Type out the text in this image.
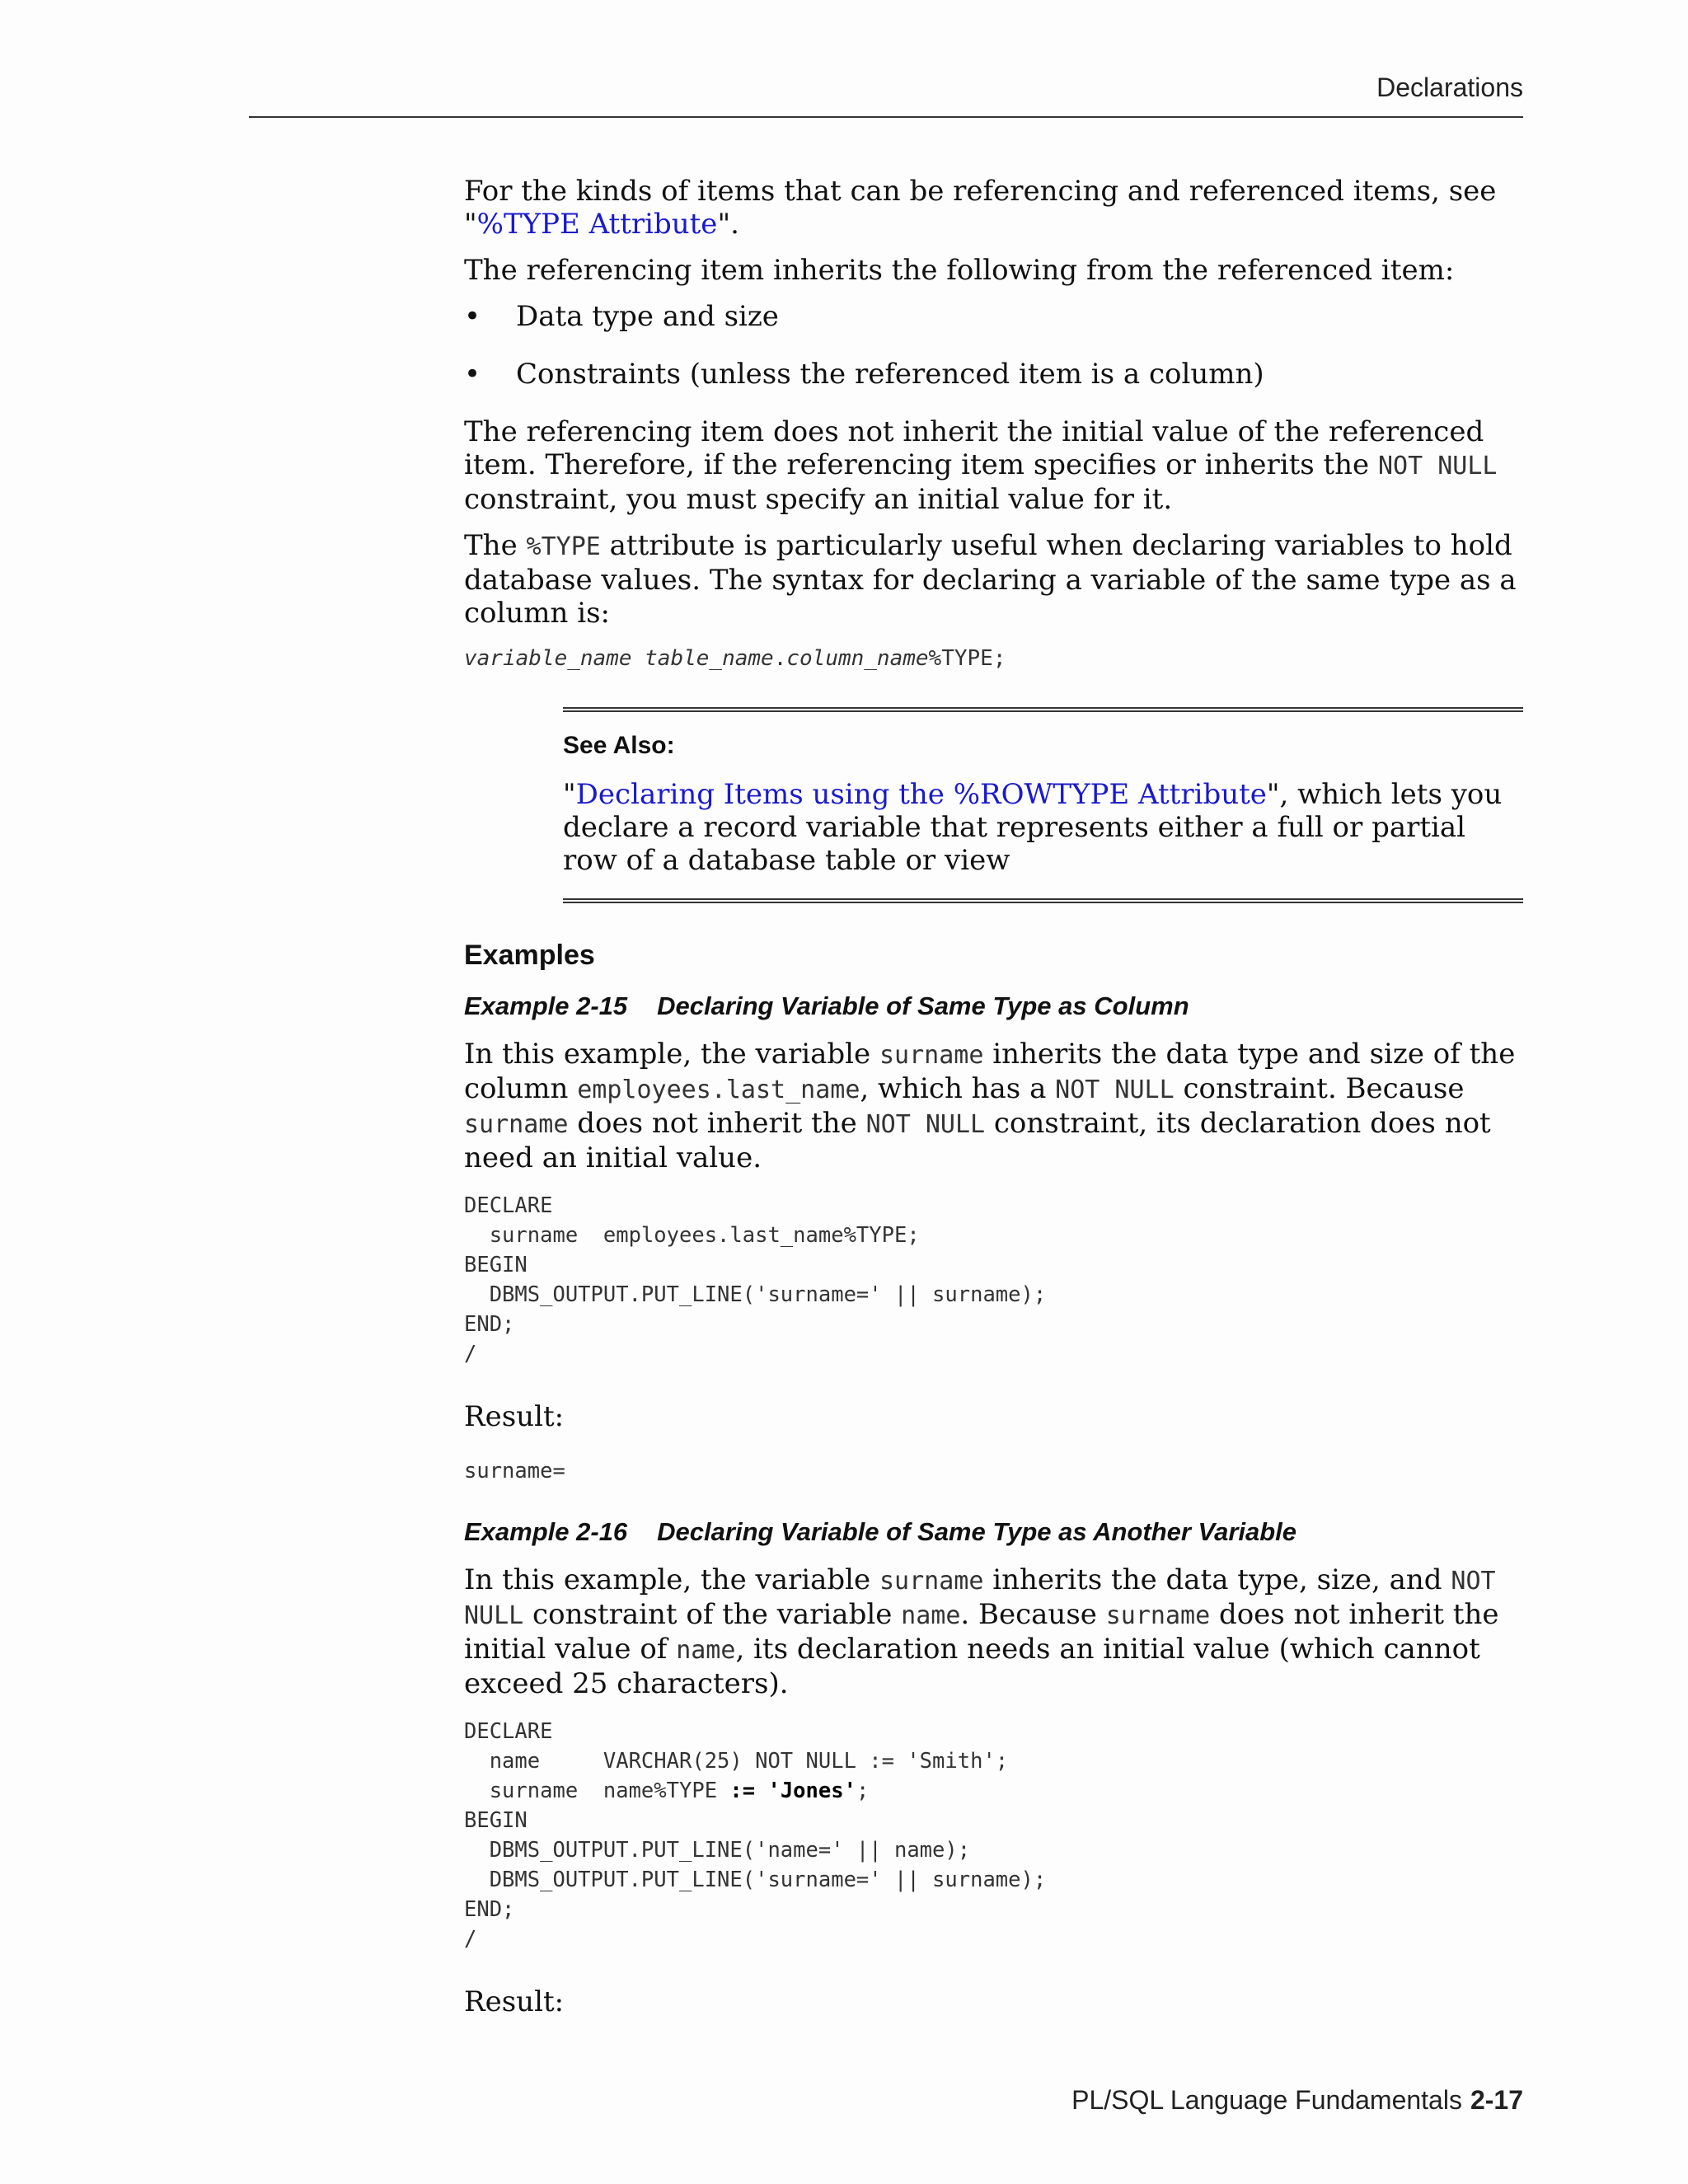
Declarations

For the kinds of items that can be referencing and referenced items, see "%TYPE Attribute".

The referencing item inherits the following from the referenced item:

• Data type and size
• Constraints (unless the referenced item is a column)

The referencing item does not inherit the initial value of the referenced item. Therefore, if the referencing item specifies or inherits the NOT NULL constraint, you must specify an initial value for it.

The %TYPE attribute is particularly useful when declaring variables to hold database values. The syntax for declaring a variable of the same type as a column is:

variable_name table_name.column_name%TYPE;
See Also:

"Declaring Items using the %ROWTYPE Attribute", which lets you declare a record variable that represents either a full or partial row of a database table or view

Examples
Example 2-15 Declaring Variable of Same Type as Column

In this example, the variable surname inherits the data type and size of the column employees.last_name, which has a NOT NULL constraint. Because surname does not inherit the NOT NULL constraint, its declaration does not need an initial value.

DECLARE
surname  employees.last_name%TYPE;
BEGIN
DBMS_OUTPUT.PUT_LINE('surname=' || surname);
END;
/

Result:

surname=
Example 2-16 Declaring Variable of Same Type as Another Variable

In this example, the variable surname inherits the data type, size, and NOT NULL constraint of the variable name. Because surname does not inherit the initial value of name, its declaration needs an initial value (which cannot exceed 25 characters).

DECLARE
name     VARCHAR(25) NOT NULL := 'Smith';
surname  name%TYPE := 'Jones';
BEGIN
DBMS_OUTPUT.PUT_LINE('name=' || name);
DBMS_OUTPUT.PUT_LINE('surname=' || surname);
END;
/

Result:

PL/SQL Language Fundamentals 2-17
